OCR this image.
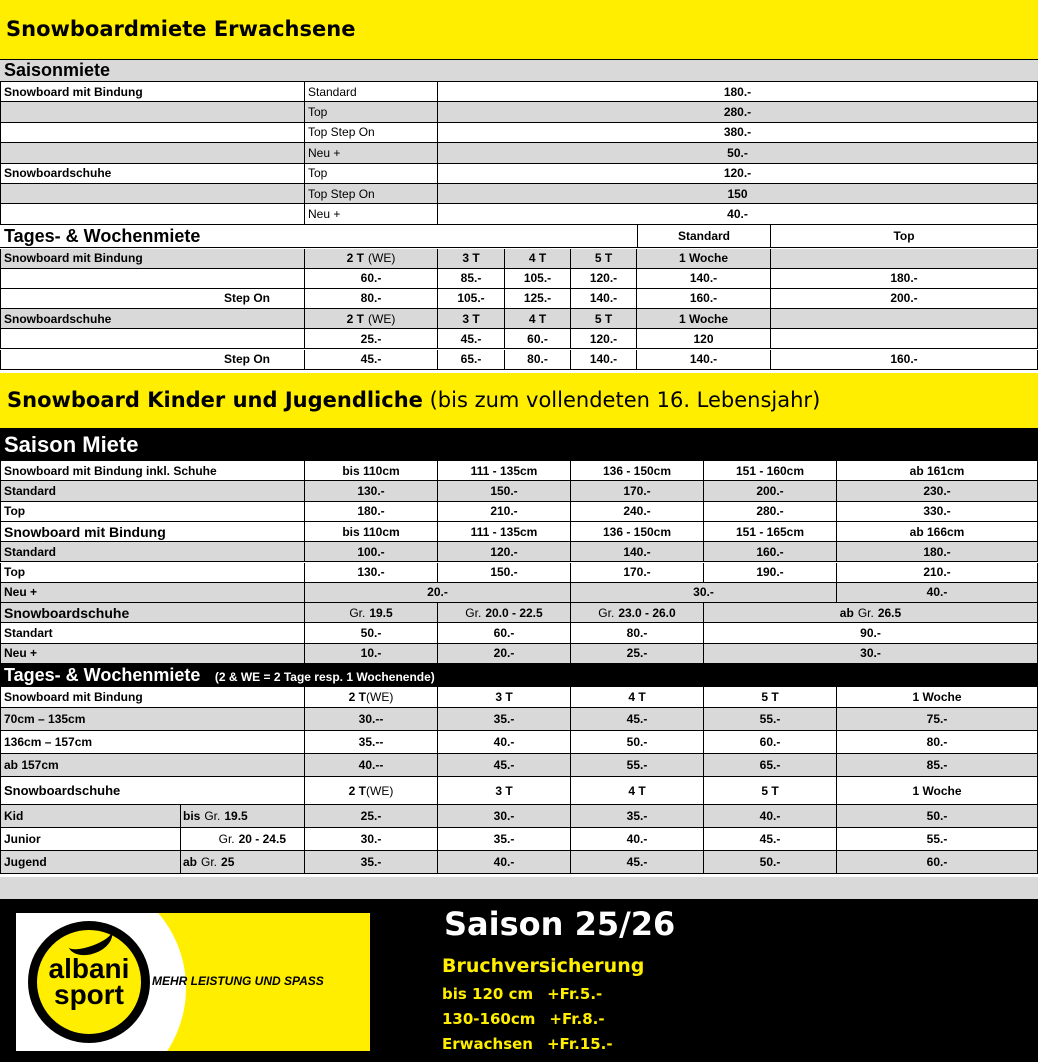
Snowboardmiete Erwachsene
Saisonmiete
Snowboard mit Bindung	Standard	180.-
Top	280.-
Top Step On	380.-
Neu +	50.-
Snowboardschuhe	Top	120.-
Top Step On	150
Neu +	40.-
Tages- & Wochenmiete	Standard	Top
Snowboard mit Bindung	2 T (WE)	3 T	4 T	5 T	1 Woche
60.-	85.-	105.-	120.-	140.-	180.-
Step On	80.-	105.-	125.-	140.-	160.-	200.-
Snowboardschuhe	2 T (WE)	3 T	4 T	5 T	1 Woche
25.-	45.-	60.-	120.-	120
Step On	45.-	65.-	80.-	140.-	140.-	160.-
Snowboard Kinder und Jugendliche (bis zum vollendeten 16. Lebensjahr)
Saison Miete
Snowboard mit Bindung inkl. Schuhe	bis 110cm	111 - 135cm	136 - 150cm	151 - 160cm	ab 161cm
Standard	130.-	150.-	170.-	200.-	230.-
Top	180.-	210.-	240.-	280.-	330.-
Snowboard mit Bindung	bis 110cm	111 - 135cm	136 - 150cm	151 - 165cm	ab 166cm
Standard	100.-	120.-	140.-	160.-	180.-
Top	130.-	150.-	170.-	190.-	210.-
Neu +	20.-	30.-	40.-
Snowboardschuhe	Gr. 19.5	Gr. 20.0 - 22.5	Gr. 23.0 - 26.0	ab Gr. 26.5
Standart	50.-	60.-	80.-	90.-
Neu +	10.-	20.-	25.-	30.-
Tages- & Wochenmiete (2 & WE = 2 Tage resp. 1 Wochenende)
Snowboard mit Bindung	2 T (WE)	3 T	4 T	5 T	1 Woche
70cm – 135cm	30.--	35.-	45.-	55.-	75.-
136cm – 157cm	35.--	40.-	50.-	60.-	80.-
ab 157cm	40.--	45.-	55.-	65.-	85.-
Snowboardschuhe	2 T (WE)	3 T	4 T	5 T	1 Woche
Kid	bis Gr. 19.5	25.-	30.-	35.-	40.-	50.-
Junior	Gr. 20 - 24.5	30.-	35.-	40.-	45.-	55.-
Jugend	ab Gr. 25	35.-	40.-	45.-	50.-	60.-
albani
sport MEHR LEISTUNG UND SPASS
Saison 25/26
Bruchversicherung
bis 120 cm +Fr.5.-
130-160cm +Fr.8.-
Erwachsen +Fr.15.-
